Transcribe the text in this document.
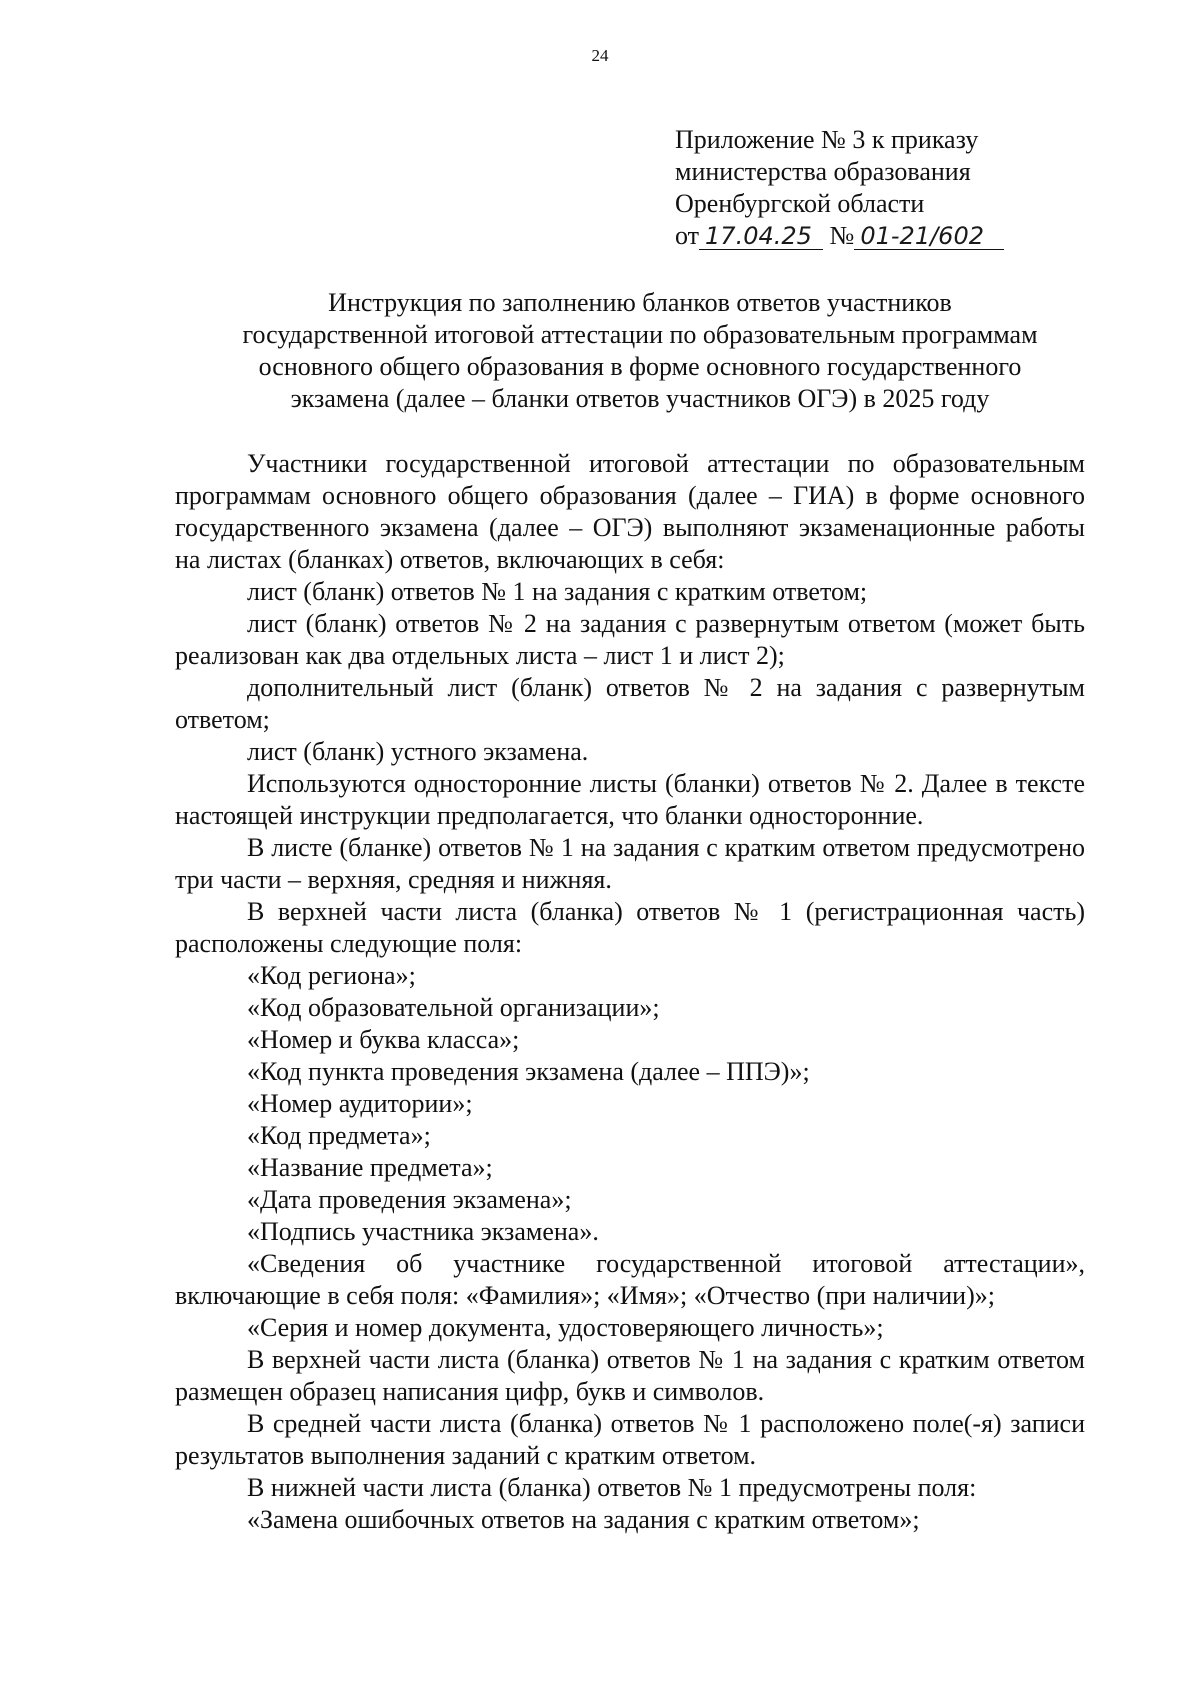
24
Приложение № 3 к приказу
министерства образования
Оренбургской области
от 17.04.25 № 01-21/602
Инструкция по заполнению бланков ответов участников
государственной итоговой аттестации по образовательным программам
основного общего образования в форме основного государственного
экзамена (далее – бланки ответов участников ОГЭ) в 2025 году

Участники государственной итоговой аттестации по образовательным программам основного общего образования (далее – ГИА) в форме основного государственного экзамена (далее – ОГЭ) выполняют экзаменационные работы на листах (бланках) ответов, включающих в себя:

лист (бланк) ответов № 1 на задания с кратким ответом;

лист (бланк) ответов № 2 на задания с развернутым ответом (может быть реализован как два отдельных листа – лист 1 и лист 2);

дополнительный лист (бланк) ответов № 2 на задания с развернутым ответом;

лист (бланк) устного экзамена.

Используются односторонние листы (бланки) ответов № 2. Далее в тексте настоящей инструкции предполагается, что бланки односторонние.

В листе (бланке) ответов № 1 на задания с кратким ответом предусмотрено три части – верхняя, средняя и нижняя.

В верхней части листа (бланка) ответов № 1 (регистрационная часть) расположены следующие поля:

«Код региона»;

«Код образовательной организации»;

«Номер и буква класса»;

«Код пункта проведения экзамена (далее – ППЭ)»;

«Номер аудитории»;

«Код предмета»;

«Название предмета»;

«Дата проведения экзамена»;

«Подпись участника экзамена».

«Сведения об участнике государственной итоговой аттестации», включающие в себя поля: «Фамилия»; «Имя»; «Отчество (при наличии)»;

«Серия и номер документа, удостоверяющего личность»;

В верхней части листа (бланка) ответов № 1 на задания с кратким ответом размещен образец написания цифр, букв и символов.

В средней части листа (бланка) ответов № 1 расположено поле(-я) записи результатов выполнения заданий с кратким ответом.

В нижней части листа (бланка) ответов № 1 предусмотрены поля:

«Замена ошибочных ответов на задания с кратким ответом»;
